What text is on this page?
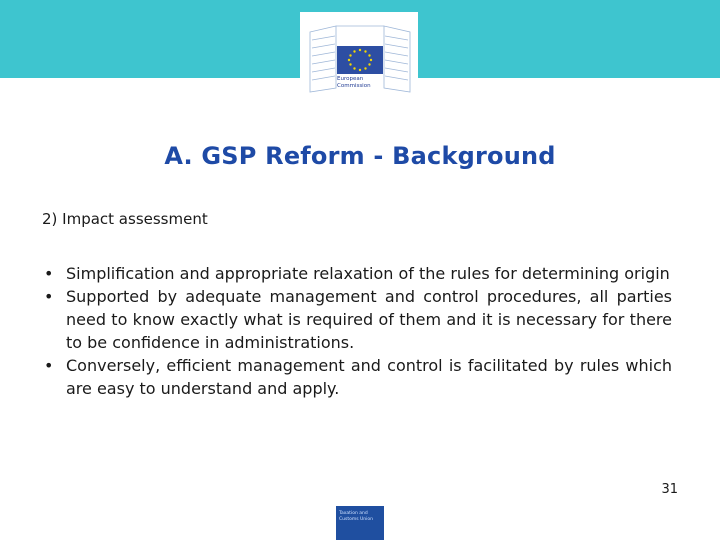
European
Commission
A. GSP Reform - Background
2) Impact assessment
• Simplification and appropriate relaxation of the rules for determining origin
• Supported by adequate management and control procedures, all parties need to know exactly what is required of them and it is necessary for there to be confidence in administrations.
• Conversely, efficient management and control is facilitated by rules which are easy to understand and apply.
31
Taxation and
Customs Union
